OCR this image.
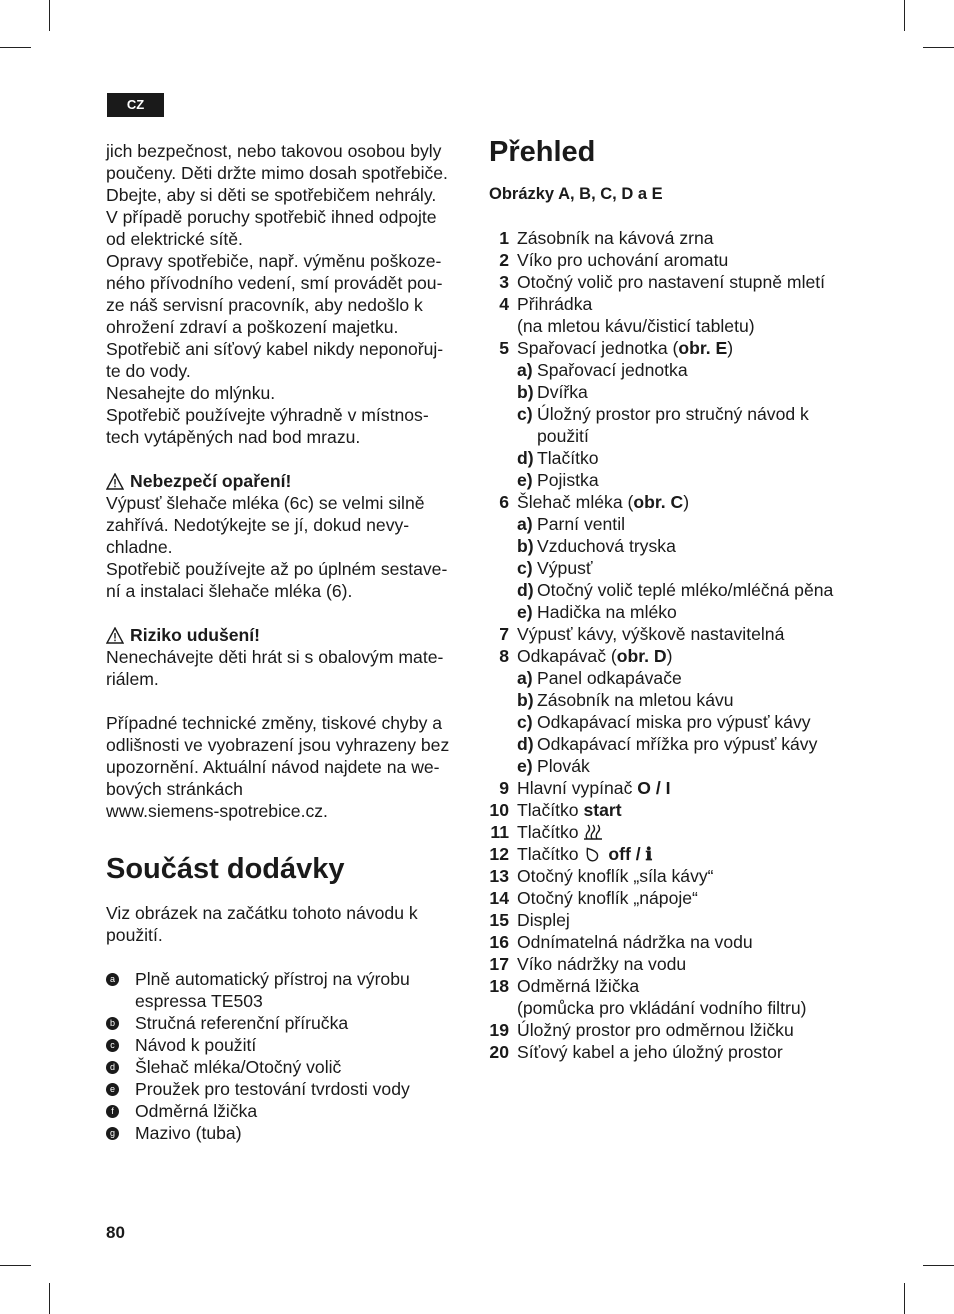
CZ
jich bezpečnost, nebo takovou osobou byly
poučeny. Děti držte mimo dosah spotřebiče.
Dbejte, aby si děti se spotřebičem nehrály.
V případě poruchy spotřebič ihned odpojte
od elektrické sítě.
Opravy spotřebiče, např. výměnu poškoze-
ného přívodního vedení, smí provádět pou-
ze náš servisní pracovník, aby nedošlo k
ohrožení zdraví a poškození majetku.
Spotřebič ani síťový kabel nikdy neponořuj-
te do vody.
Nesahejte do mlýnku.
Spotřebič používejte výhradně v místnos-
tech vytápěných nad bod mrazu.
Nebezpečí opaření!
Výpusť šlehače mléka (6c) se velmi silně
zahřívá. Nedotýkejte se jí, dokud nevy-
chladne.
Spotřebič používejte až po úplném sestave-
ní a instalaci šlehače mléka (6).
Riziko udušení!
Nenechávejte děti hrát si s obalovým mate-
riálem.
Případné technické změny, tiskové chyby a
odlišnosti ve vyobrazení jsou vyhrazeny bez
upozornění. Aktuální návod najdete na we-
bových stránkách
www.siemens-spotrebice.cz.
Součást dodávky
Viz obrázek na začátku tohoto návodu k
použití.
a Plně automatický přístroj na výrobu
espressa TE503
b Stručná referenční příručka
c Návod k použití
d Šlehač mléka/Otočný volič
e Proužek pro testování tvrdosti vody
f Odměrná lžička
g Mazivo (tuba)
Přehled
Obrázky A, B, C, D a E
1 Zásobník na kávová zrna
2 Víko pro uchování aromatu
3 Otočný volič pro nastavení stupně mletí
4 Přihrádka
(na mletou kávu/čisticí tabletu)
5 Spařovací jednotka (obr. E)
a) Spařovací jednotka
b) Dvířka
c) Úložný prostor pro stručný návod k
použití
d) Tlačítko
e) Pojistka
6 Šlehač mléka (obr. C)
a) Parní ventil
b) Vzduchová tryska
c) Výpusť
d) Otočný volič teplé mléko/mléčná pěna
e) Hadička na mléko
7 Výpusť kávy, výškově nastavitelná
8 Odkapávač (obr. D)
a) Panel odkapávače
b) Zásobník na mletou kávu
c) Odkapávací miska pro výpusť kávy
d) Odkapávací mřížka pro výpusť kávy
e) Plovák
9 Hlavní vypínač O / I
10 Tlačítko start
11 Tlačítko
12 Tlačítko  off / ℹ
13 Otočný knoflík „síla kávy“
14 Otočný knoflík „nápoje“
15 Displej
16 Odnímatelná nádržka na vodu
17 Víko nádržky na vodu
18 Odměrná lžička
(pomůcka pro vkládání vodního filtru)
19 Úložný prostor pro odměrnou lžičku
20 Síťový kabel a jeho úložný prostor
80
